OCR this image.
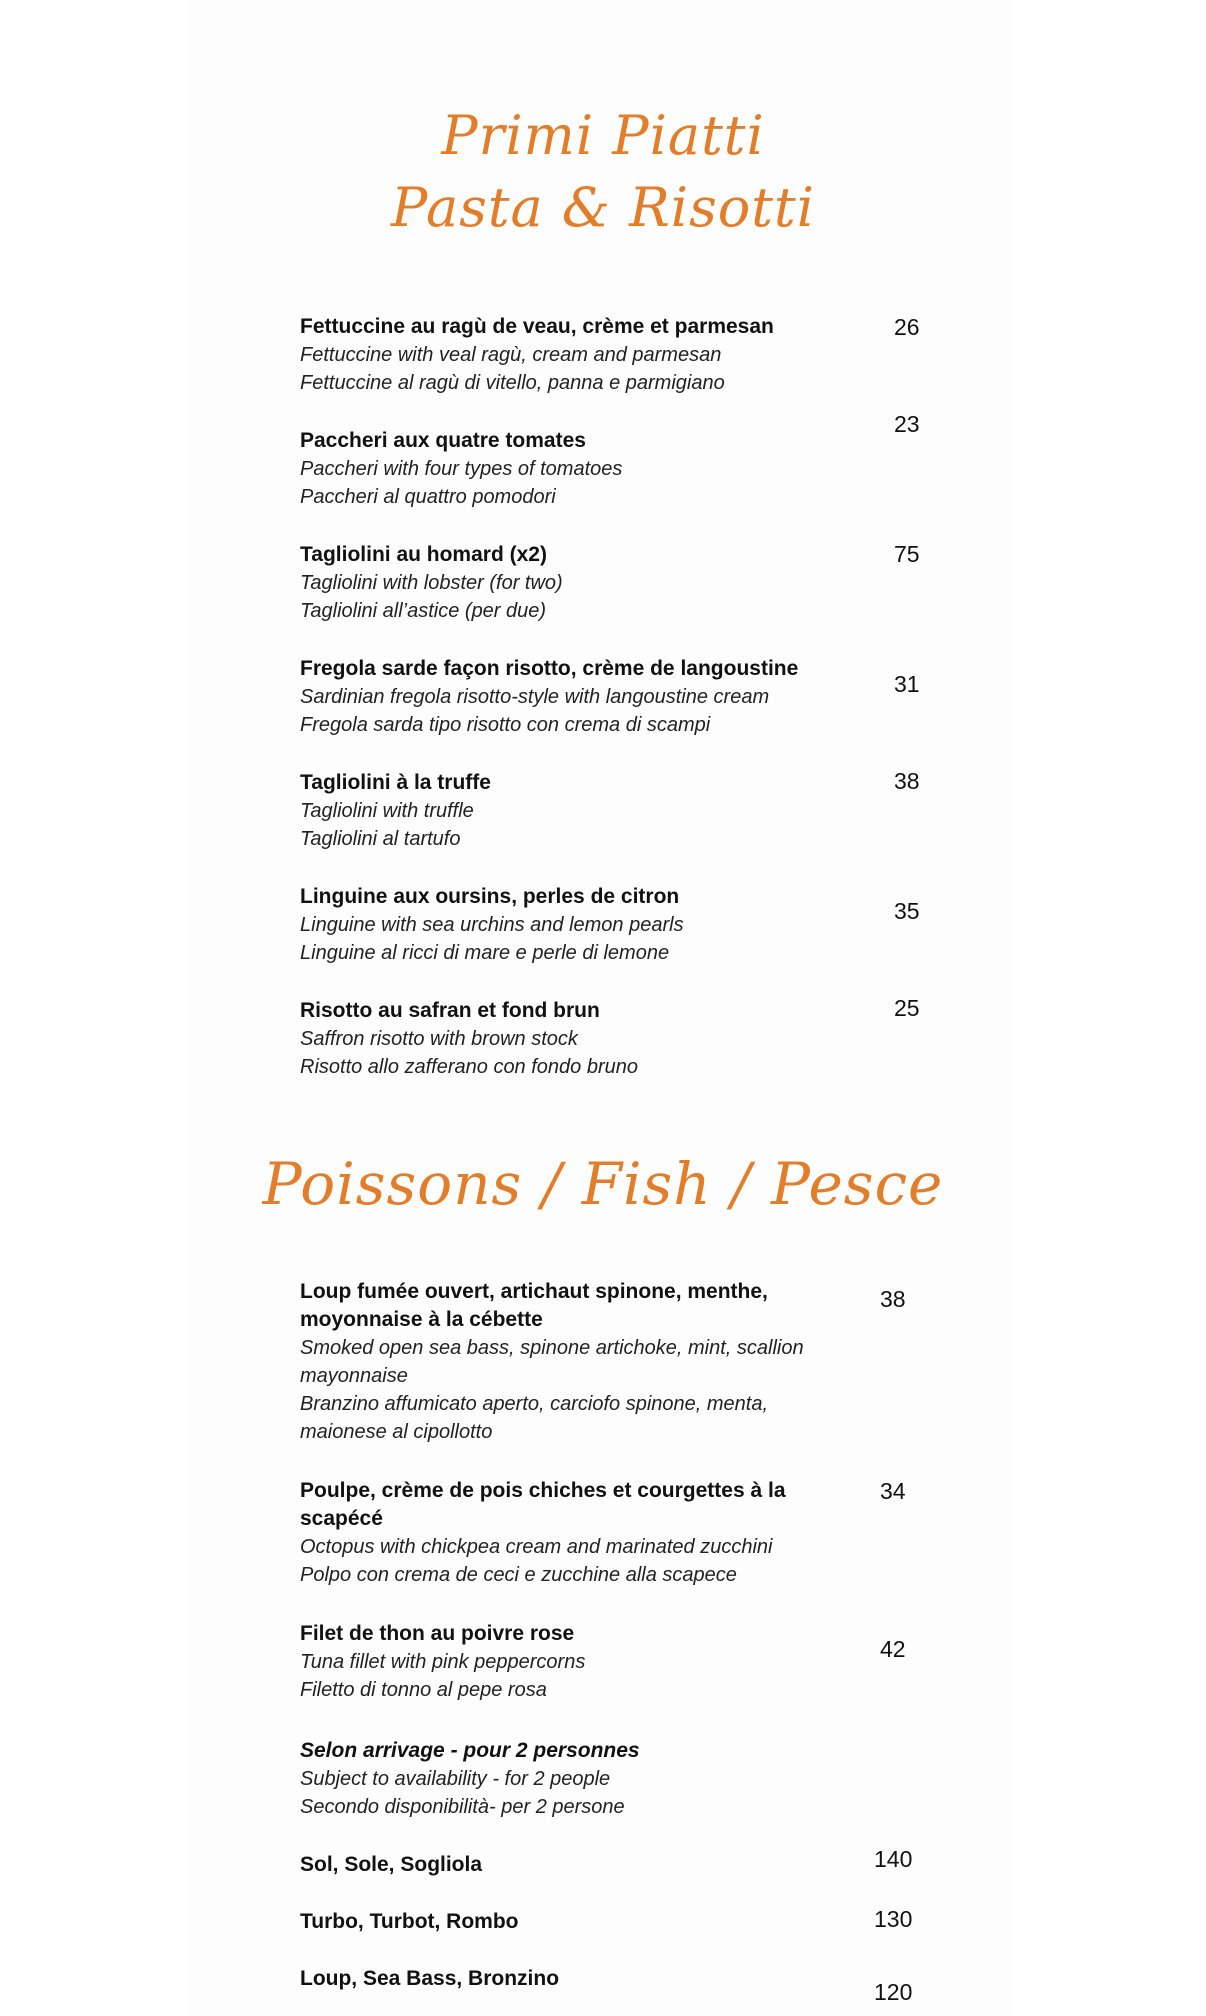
Primi Piatti
Pasta & Risotti
Fettuccine au ragù de veau, crème et parmesan
Fettuccine with veal ragù, cream and parmesan
Fettuccine al ragù di vitello, panna e parmigiano
26
Paccheri aux quatre tomates
Paccheri with four types of tomatoes
Paccheri al quattro pomodori
23
Tagliolini au homard (x2)
Tagliolini with lobster (for two)
Tagliolini all’astice (per due)
75
Fregola sarde façon risotto, crème de langoustine
Sardinian fregola risotto-style with langoustine cream
Fregola sarda tipo risotto con crema di scampi
31
Tagliolini à la truffe
Tagliolini with truffle
Tagliolini al tartufo
38
Linguine aux oursins, perles de citron
Linguine with sea urchins and lemon pearls
Linguine al ricci di mare e perle di lemone
35
Risotto au safran et fond brun
Saffron risotto with brown stock
Risotto allo zafferano con fondo bruno
25
Poissons / Fish / Pesce
Loup fumée ouvert, artichaut spinone, menthe,
moyonnaise à la cébette
Smoked open sea bass, spinone artichoke, mint, scallion
mayonnaise
Branzino affumicato aperto, carciofo spinone, menta,
maionese al cipollotto
38
Poulpe, crème de pois chiches et courgettes à la
scapécé
Octopus with chickpea cream and marinated zucchini
Polpo con crema de ceci e zucchine alla scapece
34
Filet de thon au poivre rose
Tuna fillet with pink peppercorns
Filetto di tonno al pepe rosa
42
Selon arrivage - pour 2 personnes
Subject to availability - for 2 people
Secondo disponibilità- per 2 persone
Sol, Sole, Sogliola	140
Turbo, Turbot, Rombo	130
Loup, Sea Bass, Bronzino
120
